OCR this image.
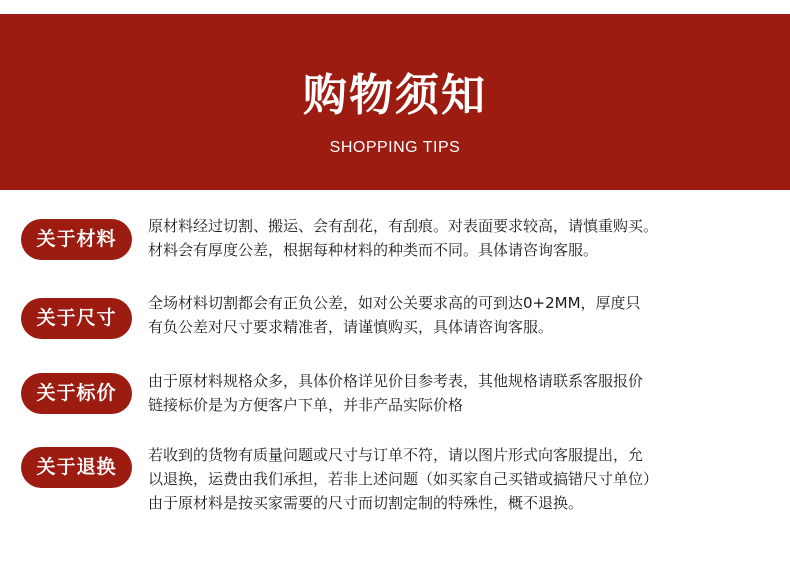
购物须知
SHOPPING TIPS
关于材料
原材料经过切割、搬运、会有刮花，有刮痕。对表面要求较高，请慎重购买。
材料会有厚度公差，根据每种材料的种类而不同。具体请咨询客服。
关于尺寸
全场材料切割都会有正负公差，如对公关要求高的可到达0+2MM，厚度只
有负公差对尺寸要求精准者，请谨慎购买，具体请咨询客服。
关于标价
由于原材料规格众多，具体价格详见价目参考表，其他规格请联系客服报价
链接标价是为方便客户下单，并非产品实际价格
关于退换
若收到的货物有质量问题或尺寸与订单不符，请以图片形式向客服提出，允
以退换，运费由我们承担，若非上述问题（如买家自己买错或搞错尺寸单位）
由于原材料是按买家需要的尺寸而切割定制的特殊性，概不退换。
